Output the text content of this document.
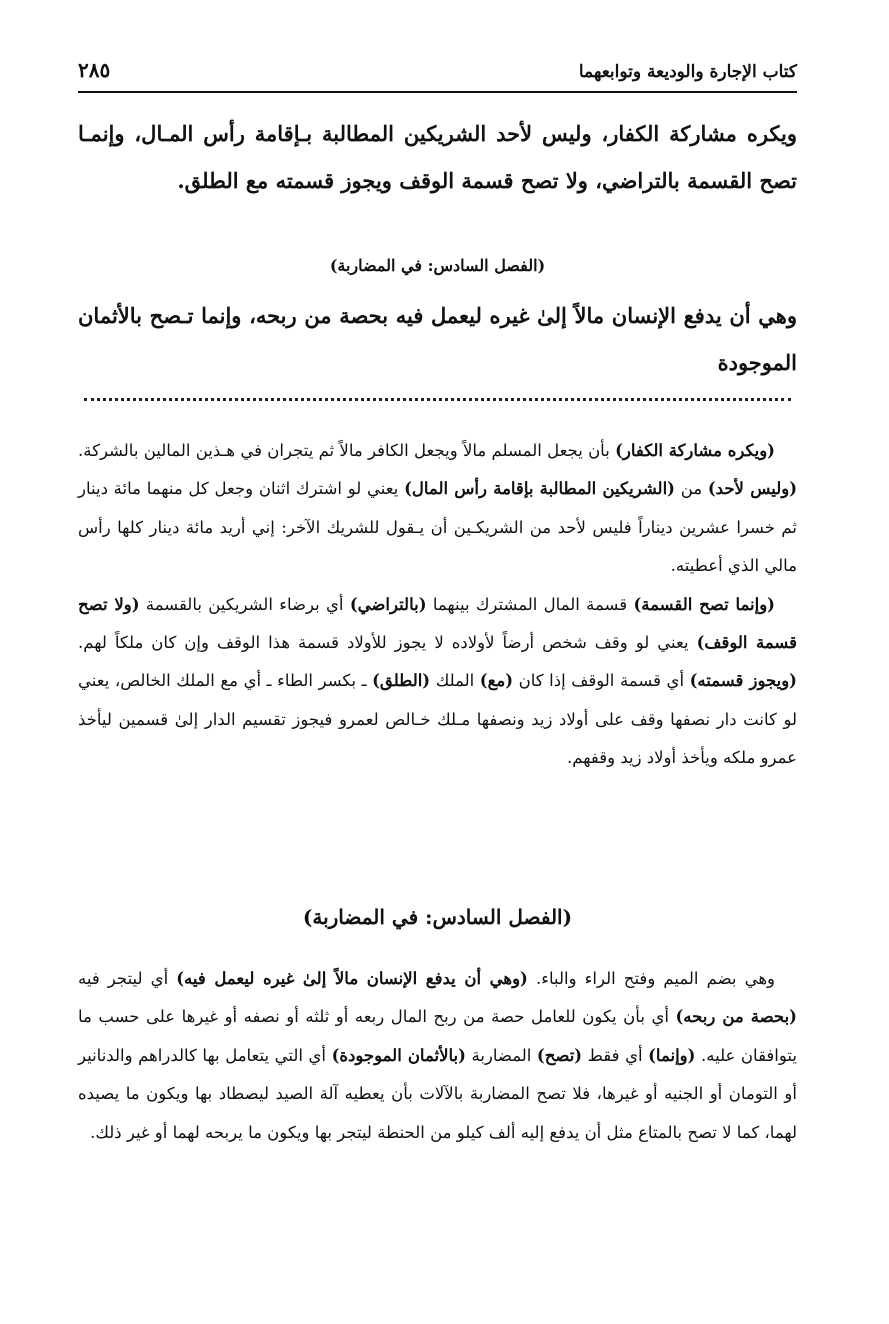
كتاب الإجارة والوديعة وتوابعهما
٢٨٥
ويكره مشاركة الكفار، وليس لأحد الشريكين المطالبة بـإقامة رأس المـال، وإنمـا تصح القسمة بالتراضي، ولا تصح قسمة الوقف ويجوز قسمته مع الطلق.
(الفصل السادس: في المضاربة)
وهي أن يدفع الإنسان مالاً إلىٰ غيره ليعمل فيه بحصة من ربحه، وإنما تـصح بالأثمان الموجودة

(ويكره مشاركة الكفار) بأن يجعل المسلم مالاً ويجعل الكافر مالاً ثم يتجران في هـذين المالين بالشركة. (وليس لأحد) من (الشريكين المطالبة بإقامة رأس المال) يعني لو اشترك اثنان وجعل كل منهما مائة دينار ثم خسرا عشرين ديناراً فليس لأحد من الشريكـين أن يـقول للشريك الآخر: إني أريد مائة دينار كلها رأس مالي الذي أعطيته.

(وإنما تصح القسمة) قسمة المال المشترك بينهما (بالتراضي) أي برضاء الشريكين بالقسمة (ولا تصح قسمة الوقف) يعني لو وقف شخص أرضاً لأولاده لا يجوز للأولاد قسمة هذا الوقف وإن كان ملكاً لهم. (ويجوز قسمته) أي قسمة الوقف إذا كان (مع) الملك (الطلق) ـ بكسر الطاء ـ أي مع الملك الخالص، يعني لو كانت دار نصفها وقف على أولاد زيد ونصفها مـلك خـالص لعمرو فيجوز تقسيم الدار إلىٰ قسمين ليأخذ عمرو ملكه ويأخذ أولاد زيد وقفهم.

(الفصل السادس: في المضاربة)

وهي بضم الميم وفتح الراء والباء. (وهي أن يدفع الإنسان مالاً إلىٰ غيره ليعمل فيه) أي ليتجر فيه (بحصة من ربحه) أي بأن يكون للعامل حصة من ربح المال ربعه أو ثلثه أو نصفه أو غيرها على حسب ما يتوافقان عليه. (وإنما) أي فقط (تصح) المضاربة (بالأثمان الموجودة) أي التي يتعامل بها كالدراهم والدنانير أو التومان أو الجنيه أو غيرها، فلا تصح المضاربة بالآلات بأن يعطيه آلة الصيد ليصطاد بها ويكون ما يصيده لهما، كما لا تصح بالمتاع مثل أن يدفع إليه ألف كيلو من الحنطة ليتجر بها ويكون ما يربحه لهما أو غير ذلك.
